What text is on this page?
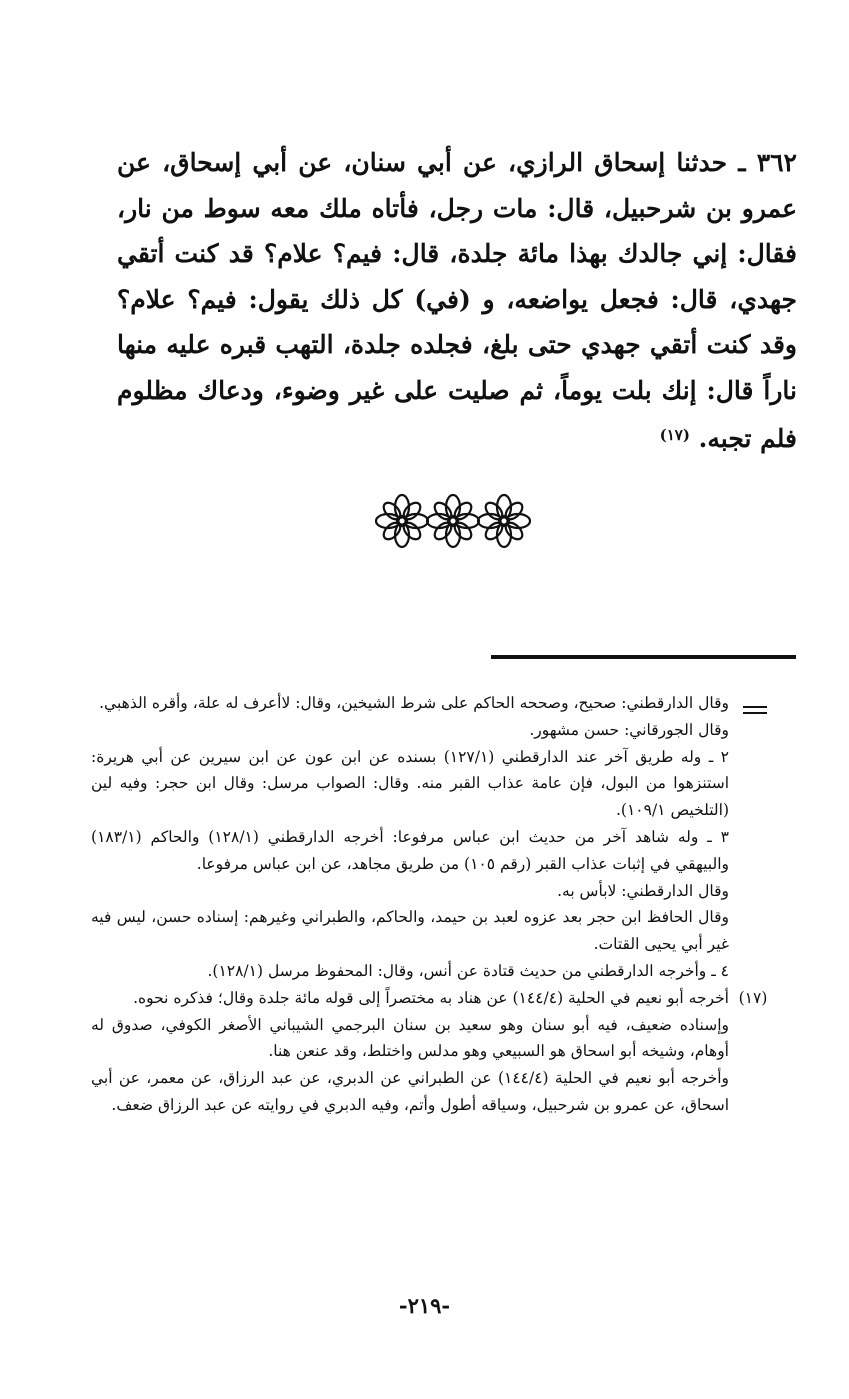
٣٦٢ ـ حدثنا إسحاق الرازي، عن أبي سنان، عن أبي إسحاق، عن عمرو بن شرحبيل، قال: مات رجل، فأتاه ملك معه سوط من نار، فقال: إني جالدك بهذا مائة جلدة، قال: فيم؟ علام؟ قد كنت أتقي جهدي، قال: فجعل يواضعه، و (في) كل ذلك يقول: فيم؟ علام؟ وقد كنت أتقي جهدي حتى بلغ، فجلده جلدة، التهب قبره عليه منها ناراً قال: إنك بلت يوماً، ثم صليت على غير وضوء، ودعاك مظلوم فلم تجبه. $^{(١٧)}$

وقال الدارقطني: صحيح، وصححه الحاكم على شرط الشيخين، وقال: لاأعرف له علة، وأقره الذهبي.

وقال الجورقاني: حسن مشهور.

٢ ـ وله طريق آخر عند الدارقطني (١٢٧/١) بسنده عن ابن عون عن ابن سيرين عن أبي هريرة: استنزهوا من البول، فإن عامة عذاب القبر منه. وقال: الصواب مرسل: وقال ابن حجر: وفيه لين (التلخيص ١٠٩/١).

٣ ـ وله شاهد آخر من حديث ابن عباس مرفوعا: أخرجه الدارقطني (١٢٨/١) والحاكم (١٨٣/١) والبيهقي في إثبات عذاب القبر (رقم ١٠٥) من طريق مجاهد، عن ابن عباس مرفوعا.

وقال الدارقطني: لابأس به.

وقال الحافظ ابن حجر بعد عزوه لعبد بن حيمد، والحاكم، والطبراني وغيرهم: إسناده حسن، ليس فيه غير أبي يحيى القتات.

٤ ـ وأخرجه الدارقطني من حديث قتادة عن أنس، وقال: المحفوظ مرسل (١٢٨/١).

(١٧)

أخرجه أبو نعيم في الحلية (١٤٤/٤) عن هناد به مختصراً إلى قوله مائة جلدة وقال؛ فذكره نحوه.

وإسناده ضعيف، فيه أبو سنان وهو سعيد بن سنان البرجمي الشيباني الأصغر الكوفي، صدوق له أوهام، وشيخه أبو اسحاق هو السبيعي وهو مدلس واختلط، وقد عنعن هنا.

وأخرجه أبو نعيم في الحلية (١٤٤/٤) عن الطبراني عن الدبري، عن عبد الرزاق، عن معمر، عن أبي اسحاق، عن عمرو بن شرحبيل، وسياقه أطول وأتم، وفيه الدبري في روايته عن عبد الرزاق ضعف.

-٢١٩-
